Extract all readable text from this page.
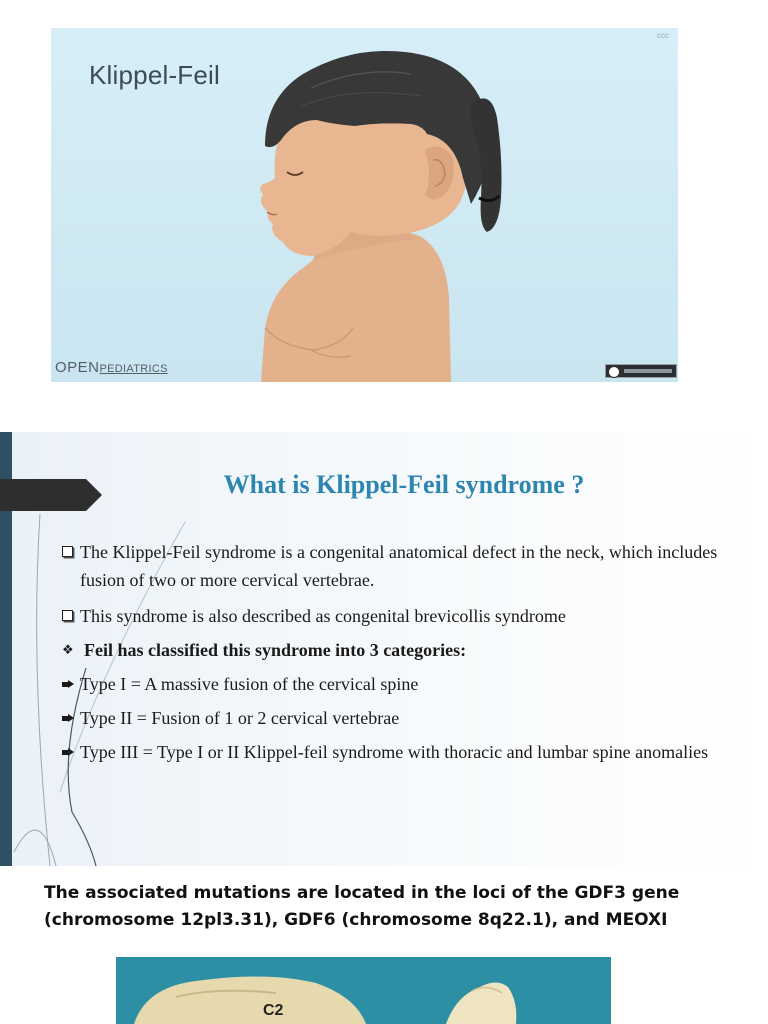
ccc
Klippel-Feil
OPENPEDIATRICS
What is Klippel-Feil syndrome ?
The Klippel-Feil syndrome is a congenital anatomical defect in the neck, which includes fusion of two or more cervical vertebrae.
This syndrome is also described as congenital brevicollis syndrome
❖ Feil has classified this syndrome into 3 categories:
Type I = A massive fusion of the cervical spine
Type II = Fusion of 1 or 2 cervical vertebrae
Type III = Type I or II Klippel-feil syndrome with thoracic and lumbar spine anomalies
The associated mutations are located in the loci of the GDF3 gene (chromosome 12pl3.31), GDF6 (chromosome 8q22.1), and MEOXI
C2
